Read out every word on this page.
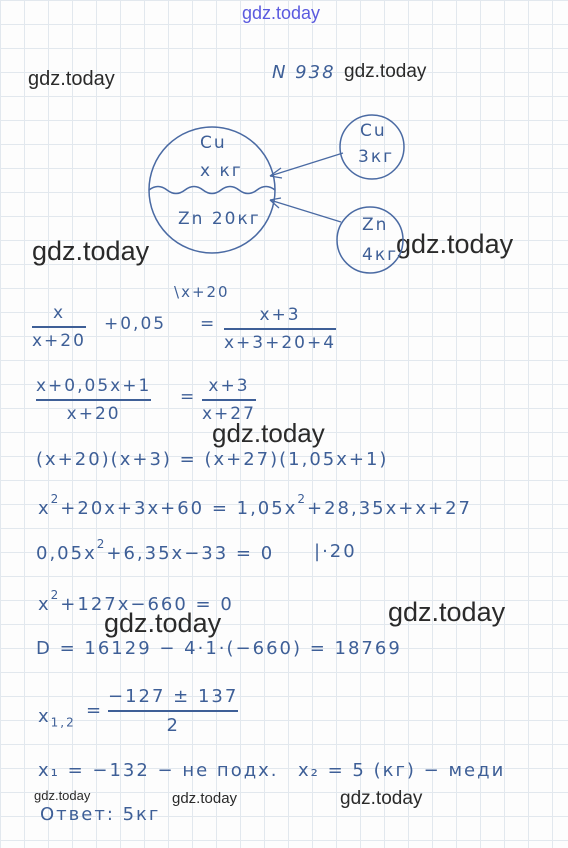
gdz.today
gdz.today	gdz.today
gdz.today	gdz.today
gdz.today
gdz.today
gdz.today
gdz.today	gdz.today	gdz.today
N 938
Cu
x кг
Zn 20кг
Cu
3кг
Zn
4кг
x
x+20
+0,05
\x+20
=	x+3
x+3+20+4
x+0,05x+1
x+20
=
x+3
x+27
(x+20)(x+3) = (x+27)(1,05x+1)
$x^2+20x+3x+60 = 1,05x^2+28,35x+x+27$
$0,05x^2+6,35x-33 = 0$ |·20
$x^2+127x-660 = 0$
D = 16129 − 4·1·(−660) = 18769
$x_{1,2}$
=
−127 ± 137
2
x₁ = −132 − не подх. x₂ = 5 (кг) − меди
Ответ: 5кг
